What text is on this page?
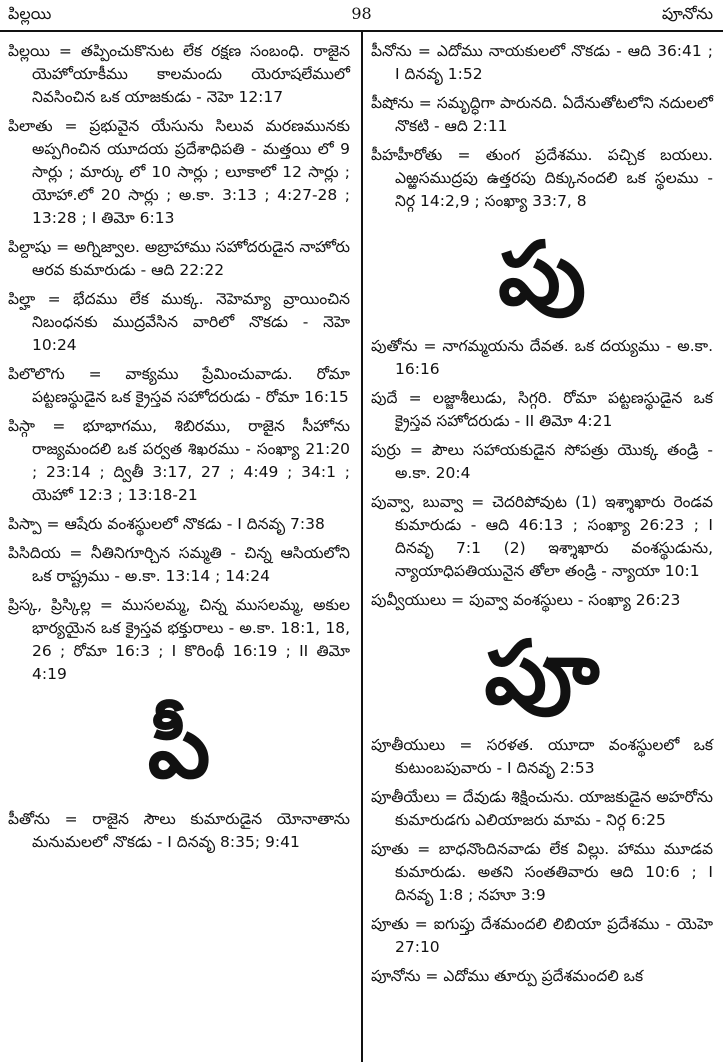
పిల్లయి	98	పూనోను

పిల్లయి = తప్పించుకొనుట లేక రక్షణ సంబంధి. రాజైన యెహోయాకీము కాలమందు యెరూషలేములో నివసించిన ఒక యాజకుడు - నెహె 12:17

పిలాతు = ప్రభువైన యేసును సిలువ మరణమునకు అప్పగించిన యూదయ ప్రదేశాధిపతి - మత్తయి లో 9 సార్లు ; మార్కు లో 10 సార్లు ; లూకాలో 12 సార్లు ; యోహా.లో 20 సార్లు ; అ.కా. 3:13 ; 4:27-28 ; 13:28 ; I తిమో 6:13

పిల్దాషు = అగ్నిజ్వాల. అబ్రాహాము సహోదరుడైన నాహోరు ఆరవ కుమారుడు - ఆది 22:22

పిల్హా = భేదము లేక ముక్క. నెహెమ్యా వ్రాయించిన నిబంధనకు ముద్రవేసిన వారిలో నొకడు - నెహె 10:24

పిలొలొగు = వాక్యము ప్రేమించువాడు. రోమా పట్టణస్థుడైన ఒక క్రైస్తవ సహోదరుడు - రోమా 16:15

పిస్గా = భూభాగము, శిబిరము, రాజైన సీహోను రాజ్యమందలి ఒక పర్వత శిఖరము - సంఖ్యా 21:20 ; 23:14 ; ద్వితీ 3:17, 27 ; 4:49 ; 34:1 ; యెహో 12:3 ; 13:18-21

పిస్పా = ఆషేరు వంశస్థులలో నొకడు - I దినవృ 7:38

పిసిదియ = నీతినిగూర్చిన సమ్మతి - చిన్న ఆసియలోని ఒక రాష్ట్రము - అ.కా. 13:14 ; 14:24

ప్రిస్క, ప్రిస్కిల్ల = ముసలమ్మ, చిన్న ముసలమ్మ, అకుల భార్యయైన ఒక క్రైస్తవ భక్తురాలు - అ.కా. 18:1, 18, 26 ; రోమా 16:3 ; I కొరింథీ 16:19 ; II తిమో 4:19

పీ

పీతోను = రాజైన సౌలు కుమారుడైన యోనాతాను మనుమలలో నొకడు - I దినవృ 8:35; 9:41

పీనోను = ఎదోము నాయకులలో నొకడు - ఆది 36:41 ; I దినవృ 1:52

పీషోను = సమృద్ధిగా పారునది. ఏదేనుతోటలోని నదులలో నొకటి - ఆది 2:11

పీహహీరోతు = తుంగ ప్రదేశము. పచ్చిక బయలు. ఎఱ్ఱసముద్రపు ఉత్తరపు దిక్కునందలి ఒక స్థలము - నిర్గ 14:2,9 ; సంఖ్యా 33:7, 8

పు

పుతోను = నాగమ్మయను దేవత. ఒక దయ్యము - అ.కా. 16:16

పుదే = లజ్జాశీలుడు, సిగ్గరి. రోమా పట్టణస్థుడైన ఒక క్రైస్తవ సహోదరుడు - II తిమో 4:21

పుర్రు = పౌలు సహాయకుడైన సోపత్రు యొక్క తండ్రి - అ.కా. 20:4

పువ్వా, బువ్వా = చెదరిపోవుట (1) ఇశ్శాఖారు రెండవ కుమారుడు - ఆది 46:13 ; సంఖ్యా 26:23 ; I దినవృ 7:1 (2) ఇశ్శాఖారు వంశస్థుడును, న్యాయాధిపతియునైన తోలా తండ్రి - న్యాయా 10:1

పువ్వీయులు = పువ్వా వంశస్థులు - సంఖ్యా 26:23

పూ

పూతీయులు = సరళత. యూదా వంశస్థులలో ఒక కుటుంబపువారు - I దినవృ 2:53

పూతీయేలు = దేవుడు శిక్షించును. యాజకుడైన అహరోను కుమారుడగు ఎలియాజరు మామ - నిర్గ 6:25

పూతు = బాధనొందినవాడు లేక విల్లు. హాము మూడవ కుమారుడు. అతని సంతతివారు ఆది 10:6 ; I దినవృ 1:8 ; నహూ 3:9

పూతు = ఐగుప్తు దేశమందలి లిబియా ప్రదేశము - యెహె 27:10

పూనోను = ఎదోము తూర్పు ప్రదేశమందలి ఒక
